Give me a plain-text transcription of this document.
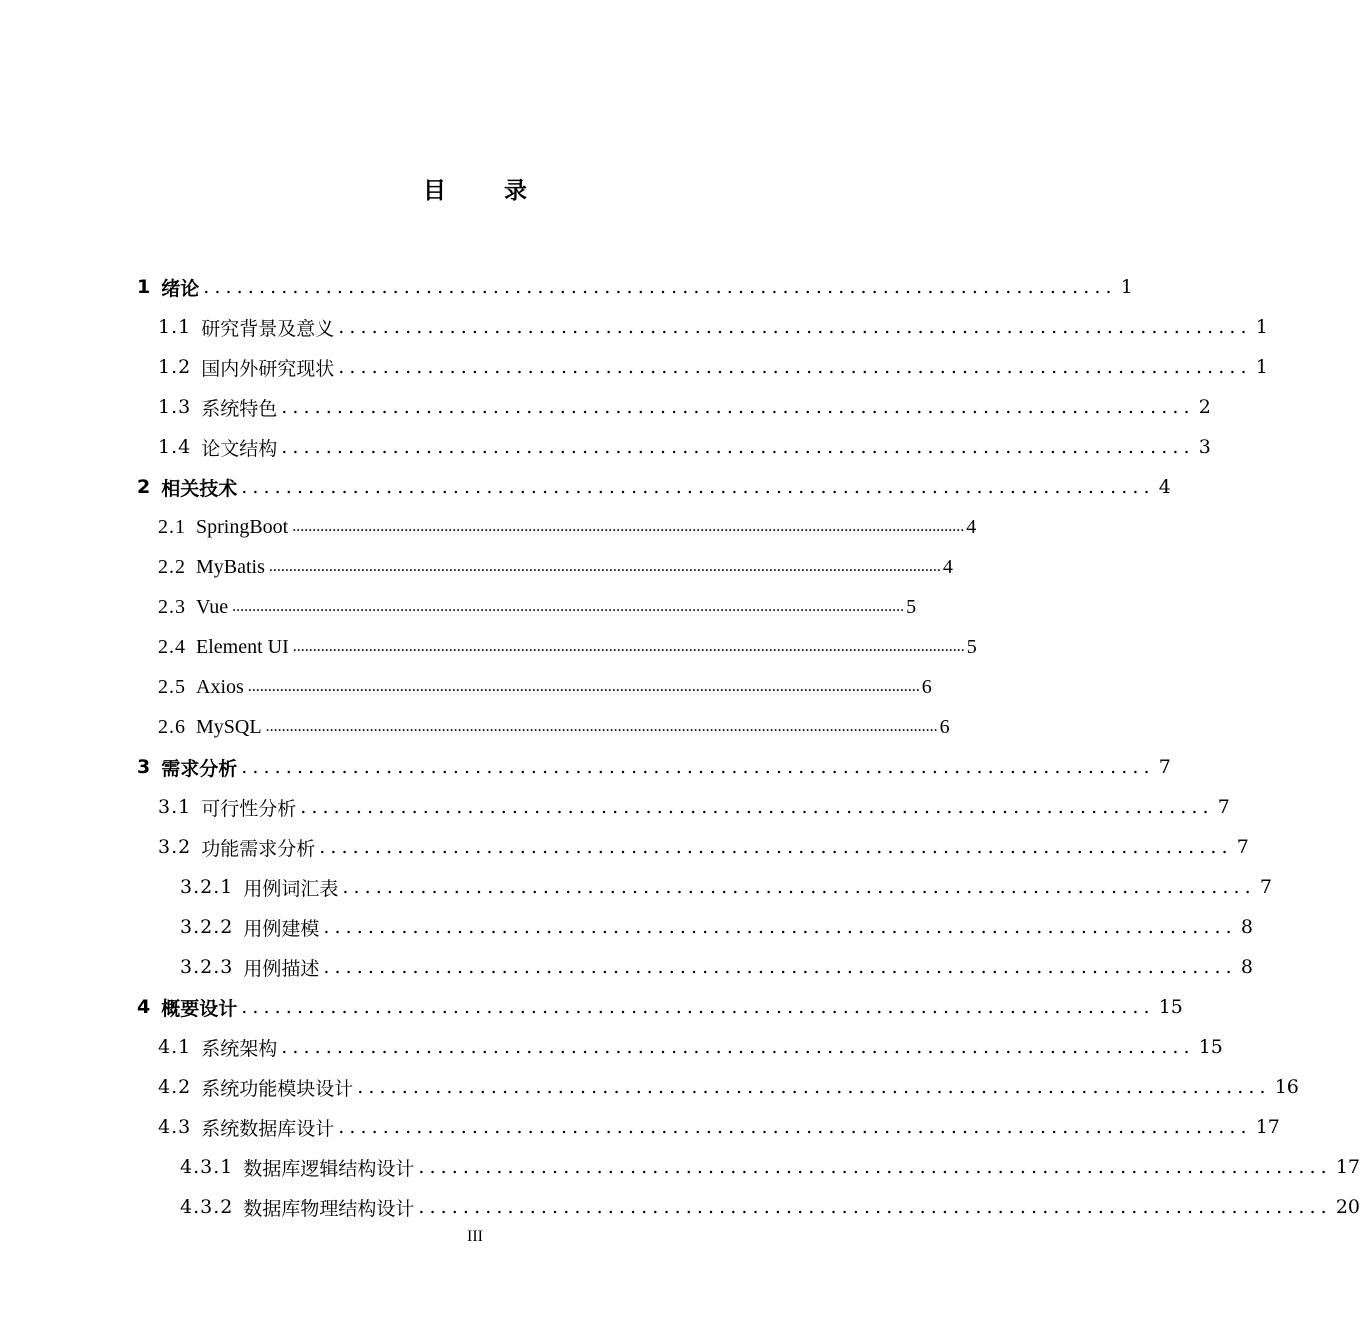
目	录
1 绪论 .................................................................................. 1
1.1 研究背景及意义 .................................................................................. 1
1.2 国内外研究现状 .................................................................................. 1
1.3 系统特色 .................................................................................. 2
1.4 论文结构 .................................................................................. 3
2 相关技术 .................................................................................. 4
2.1 SpringBoot ........................................................................................................................................................................ 4
2.2 MyBatis ........................................................................................................................................................................ 4
2.3 Vue ........................................................................................................................................................................ 5
2.4 Element UI ........................................................................................................................................................................ 5
2.5 Axios ........................................................................................................................................................................ 6
2.6 MySQL ........................................................................................................................................................................ 6
3 需求分析 .................................................................................. 7
3.1 可行性分析 .................................................................................. 7
3.2 功能需求分析 .................................................................................. 7
3.2.1 用例词汇表 .................................................................................. 7
3.2.2 用例建模 .................................................................................. 8
3.2.3 用例描述 .................................................................................. 8
4 概要设计 .................................................................................. 15
4.1 系统架构 .................................................................................. 15
4.2 系统功能模块设计 .................................................................................. 16
4.3 系统数据库设计 .................................................................................. 17
4.3.1 数据库逻辑结构设计 .................................................................................. 17
4.3.2 数据库物理结构设计 .................................................................................. 20
III
